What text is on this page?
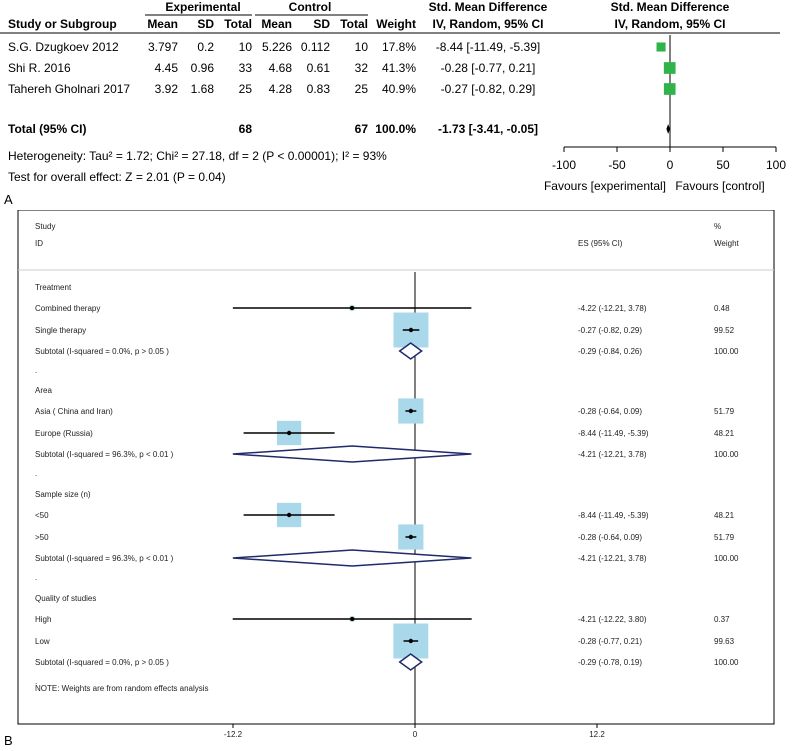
Experimental	Control	Std. Mean Difference	Std. Mean Difference
Study or Subgroup	Mean SD Total Mean SD Total Weight IV, Random, 95% CI	IV, Random, 95% CI
S.G. Dzugkoev 2012 3.797 0.2 10 5.226 0.112 10 17.8% -8.44 [-11.49, -5.39]
Shi R. 2016	4.45 0.96 33 4.68 0.61 32 41.3% -0.28 [-0.77, 0.21]
Tahereh Gholnari 2017 3.92 1.68 25 4.28 0.83 25 40.9% -0.27 [-0.82, 0.29]
Total (95% CI)	68	67 100.0% -1.73 [-3.41, -0.05]
Heterogeneity: Tau² = 1.72; Chi² = 27.18, df = 2 (P < 0.00001); I² = 93%
Test for overall effect: Z = 2.01 (P = 0.04)
A
-100	-50	0	50	100
Favours [experimental] Favours [control]
Study
ID	ES (95% CI)
%
Weight
Treatment
Combined therapy	-4.22 (-12.21, 3.78)	0.48
Single therapy	-0.27 (-0.82, 0.29)	99.52
Subtotal (I-squared = 0.0%, p > 0.05 )	-0.29 (-0.84, 0.26)	100.00
.
Area
Asia ( China and Iran)	-0.28 (-0.64, 0.09)	51.79
Europe (Russia)	-8.44 (-11.49, -5.39)	48.21
Subtotal (I-squared = 96.3%, p < 0.01 )	-4.21 (-12.21, 3.78)	100.00
.
Sample size (n)
<50	-8.44 (-11.49, -5.39)	48.21
>50	-0.28 (-0.64, 0.09)	51.79
Subtotal (I-squared = 96.3%, p < 0.01 )	-4.21 (-12.21, 3.78)	100.00
.
Quality of studies
High	-4.21 (-12.22, 3.80)	0.37
Low	-0.28 (-0.77, 0.21)	99.63
Subtotal (I-squared = 0.0%, p > 0.05 )	-0.29 (-0.78, 0.19)	100.00
.
NOTE: Weights are from random effects analysis
-12.2	0	12.2
B
